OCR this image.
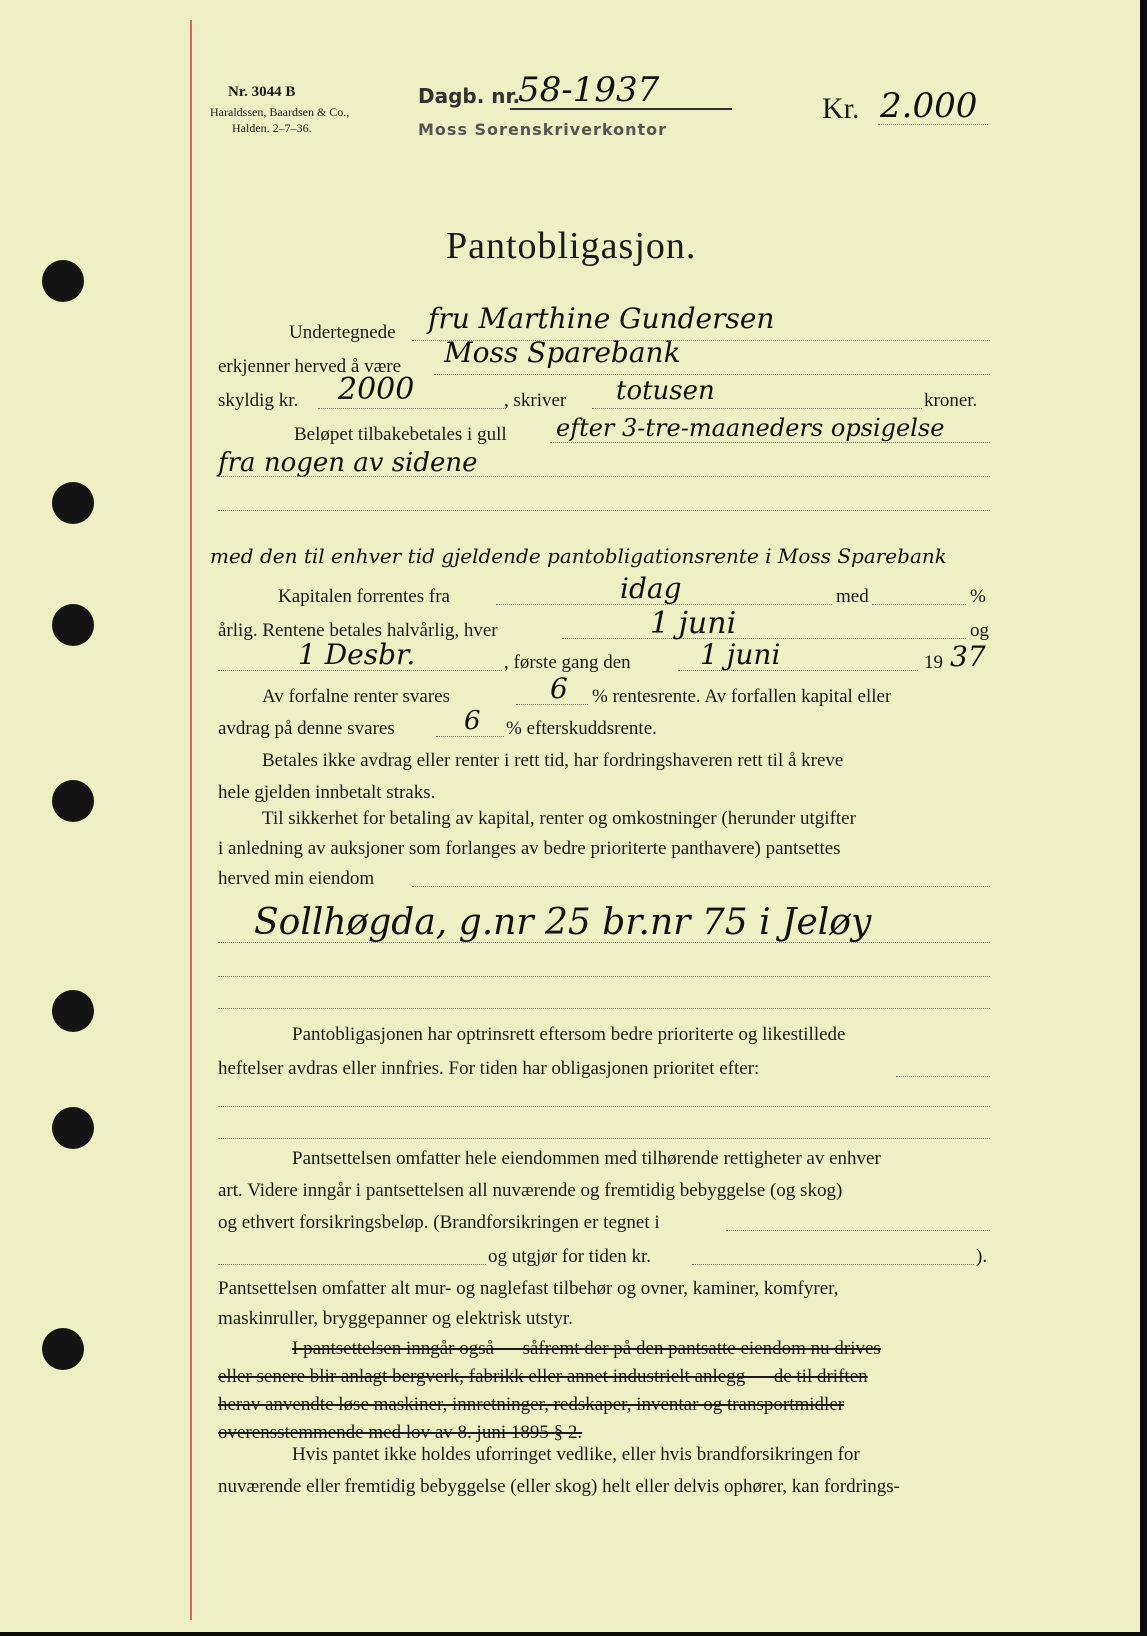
Nr. 3044 B
Haraldssen, Baardsen & Co.,
Halden. 2–7–36.
Dagb. nr.
58-1937
Moss Sorenskriverkontor
Kr. 2.000
Pantobligasjon.
Undertegnede fru Marthine Gundersen
erkjenner herved å være Moss Sparebank
skyldig kr. 2000	, skriver totusen	kroner.
Beløpet tilbakebetales i gull efter 3-tre-maaneders opsigelse
fra nogen av sidene
med den til enhver tid gjeldende pantobligationsrente i Moss Sparebank
Kapitalen forrentes fra	idag	med	%
årlig. Rentene betales halvårlig, hver	1 juni	og
1 Desbr.	, første gang den 1 juni	19 37
Av forfalne renter svares	6 % rentesrente. Av forfallen kapital eller
avdrag på denne svares	6 % efterskuddsrente.
Betales ikke avdrag eller renter i rett tid, har fordringshaveren rett til å kreve
hele gjelden innbetalt straks.
Til sikkerhet for betaling av kapital, renter og omkostninger (herunder utgifter
i anledning av auksjoner som forlanges av bedre prioriterte panthavere) pantsettes
herved min eiendom
Sollhøgda, g.nr 25 br.nr 75 i Jeløy
Pantobligasjonen har optrinsrett eftersom bedre prioriterte og likestillede
heftelser avdras eller innfries. For tiden har obligasjonen prioritet efter:
Pantsettelsen omfatter hele eiendommen med tilhørende rettigheter av enhver
art. Videre inngår i pantsettelsen all nuværende og fremtidig bebyggelse (og skog)
og ethvert forsikringsbeløp. (Brandforsikringen er tegnet i
og utgjør for tiden kr.	).
Pantsettelsen omfatter alt mur- og naglefast tilbehør og ovner, kaminer, komfyrer,
maskinruller, bryggepanner og elektrisk utstyr.
I pantsettelsen inngår også — såfremt der på den pantsatte eiendom nu drives
eller senere blir anlagt bergverk, fabrikk eller annet industrielt anlegg — de til driften
herav anvendte løse maskiner, innretninger, redskaper, inventar og transportmidler
overensstemmende med lov av 8. juni 1895 § 2.
Hvis pantet ikke holdes uforringet vedlike, eller hvis brandforsikringen for
nuværende eller fremtidig bebyggelse (eller skog) helt eller delvis ophører, kan fordrings-
